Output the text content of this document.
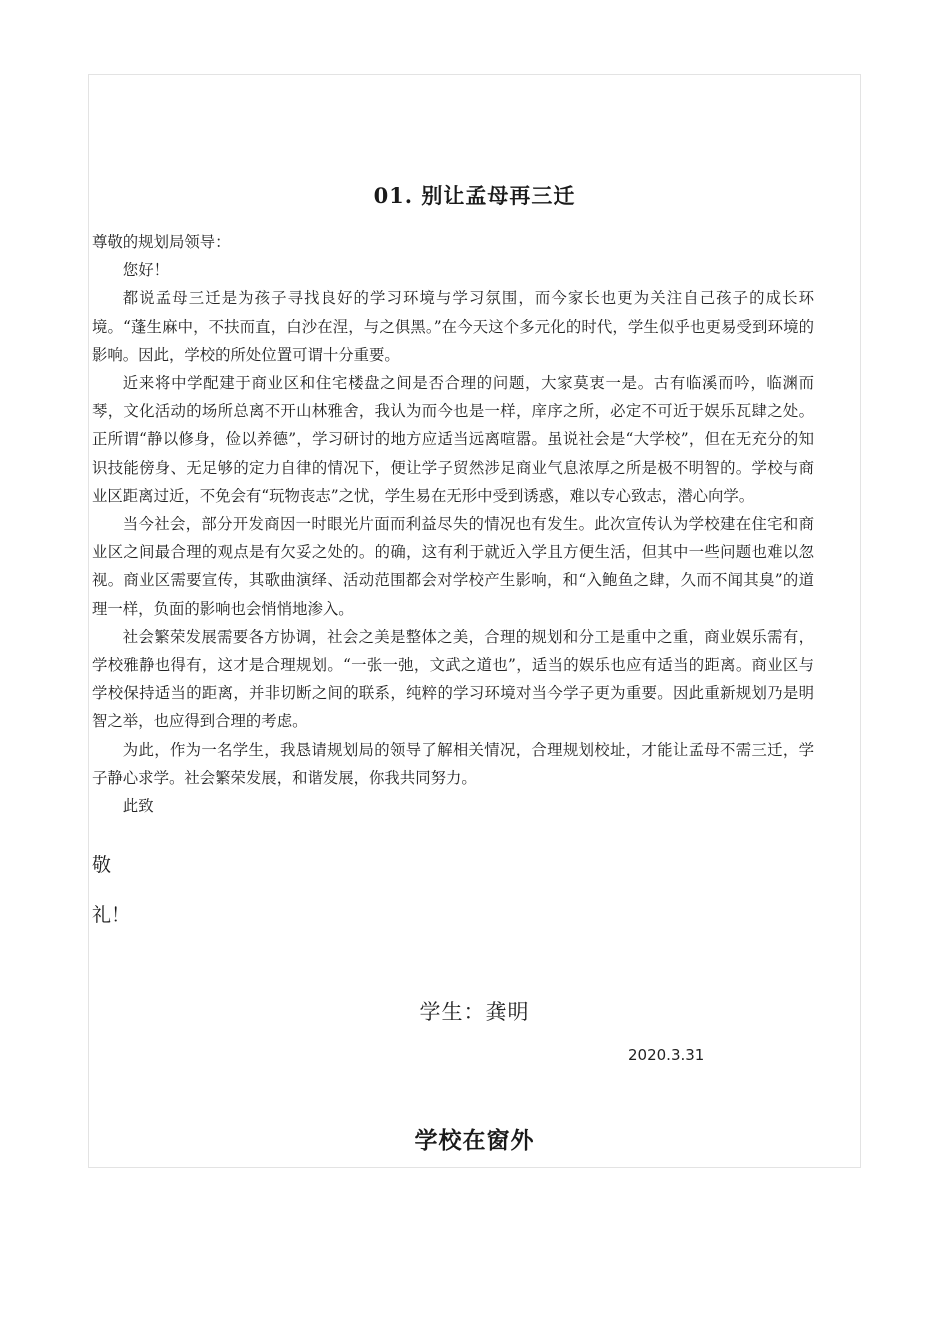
01. 别让孟母再三迁

尊敬的规划局领导：

您好！

都说孟母三迁是为孩子寻找良好的学习环境与学习氛围，而今家长也更为关注自己孩子的成长环境。“蓬生麻中，不扶而直，白沙在涅，与之俱黑。”在今天这个多元化的时代，学生似乎也更易受到环境的影响。因此，学校的所处位置可谓十分重要。

近来将中学配建于商业区和住宅楼盘之间是否合理的问题，大家莫衷一是。古有临溪而吟，临渊而琴，文化活动的场所总离不开山林雅舍，我认为而今也是一样，庠序之所，必定不可近于娱乐瓦肆之处。正所谓“静以修身，俭以养德”，学习研讨的地方应适当远离喧嚣。虽说社会是“大学校”，但在无充分的知识技能傍身、无足够的定力自律的情况下，便让学子贸然涉足商业气息浓厚之所是极不明智的。学校与商业区距离过近，不免会有“玩物丧志”之忧，学生易在无形中受到诱惑，难以专心致志，潜心向学。

当今社会，部分开发商因一时眼光片面而利益尽失的情况也有发生。此次宣传认为学校建在住宅和商业区之间最合理的观点是有欠妥之处的。的确，这有利于就近入学且方便生活，但其中一些问题也难以忽视。商业区需要宣传，其歌曲演绎、活动范围都会对学校产生影响，和“入鲍鱼之肆，久而不闻其臭”的道理一样，负面的影响也会悄悄地渗入。

社会繁荣发展需要各方协调，社会之美是整体之美，合理的规划和分工是重中之重，商业娱乐需有，学校雅静也得有，这才是合理规划。“一张一弛，文武之道也”，适当的娱乐也应有适当的距离。商业区与学校保持适当的距离，并非切断之间的联系，纯粹的学习环境对当今学子更为重要。因此重新规划乃是明智之举，也应得到合理的考虑。

为此，作为一名学生，我恳请规划局的领导了解相关情况，合理规划校址，才能让孟母不需三迁，学子静心求学。社会繁荣发展，和谐发展，你我共同努力。

此致

敬
礼！
学生：龚明
2020.3.31
学校在窗外
